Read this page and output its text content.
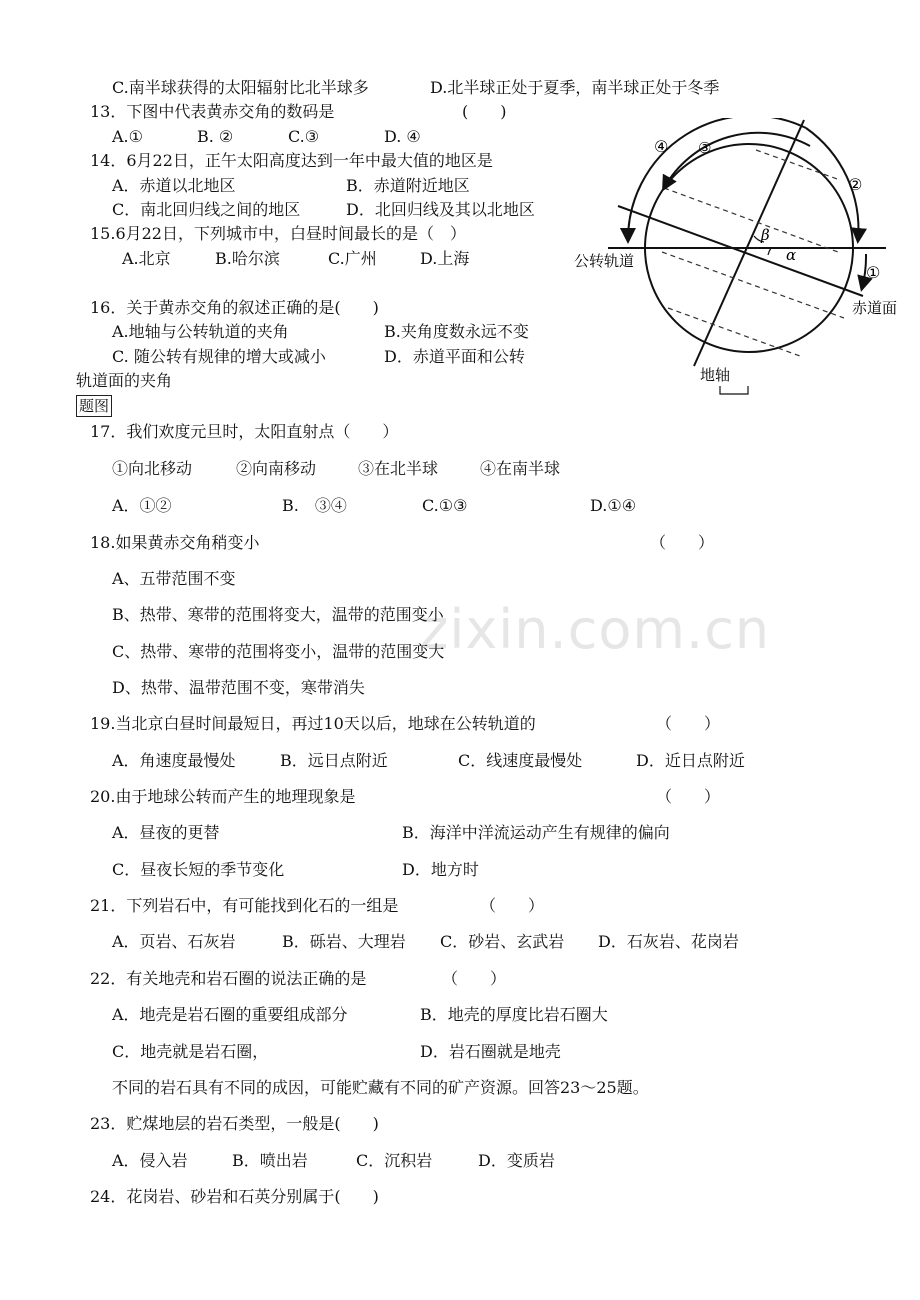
zixin.com.cn
C.南半球获得的太阳辐射比北半球多	D.北半球正处于夏季，南半球正处于冬季
13．下图中代表黄赤交角的数码是	(　　)
A.①	B. ②	C.③	D. ④
14．6月22日，正午太阳高度达到一年中最大值的地区是
A．赤道以北地区	B．赤道附近地区
C．南北回归线之间的地区	D．北回归线及其以北地区
15.6月22日，下列城市中，白昼时间最长的是（　）
A.北京	B.哈尔滨	C.广州	D.上海
16．关于黄赤交角的叙述正确的是(　　)
A.地轴与公转轨道的夹角	B.夹角度数永远不变
C. 随公转有规律的增大或减小	D．赤道平面和公转
轨道面的夹角
题图
④ ③
②
①
β
α
公转轨道
赤道面
地轴
17．我们欢度元旦时，太阳直射点（　　）
①向北移动	②向南移动	③在北半球	④在南半球
A．①②	B.　③④	C.①③	D.①④
18.如果黄赤交角稍变小	（　　）
A、五带范围不变
B、热带、寒带的范围将变大，温带的范围变小
C、热带、寒带的范围将变小，温带的范围变大
D、热带、温带范围不变，寒带消失
19.当北京白昼时间最短日，再过10天以后，地球在公转轨道的	（　　）
A．角速度最慢处	B．远日点附近	C．线速度最慢处	D．近日点附近
20.由于地球公转而产生的地理现象是	（　　）
A．昼夜的更替	B．海洋中洋流运动产生有规律的偏向
C．昼夜长短的季节变化	D．地方时
21．下列岩石中，有可能找到化石的一组是	（　　）
A．页岩、石灰岩	B．砾岩、大理岩 C．砂岩、玄武岩 D．石灰岩、花岗岩
22．有关地壳和岩石圈的说法正确的是	（　　）
A．地壳是岩石圈的重要组成部分	B．地壳的厚度比岩石圈大
C．地壳就是岩石圈，	D．岩石圈就是地壳
不同的岩石具有不同的成因，可能贮藏有不同的矿产资源。回答23～25题。
23．贮煤地层的岩石类型，一般是(　　)
A．侵入岩	B．喷出岩	C．沉积岩	D．变质岩
24．花岗岩、砂岩和石英分别属于(　　)
